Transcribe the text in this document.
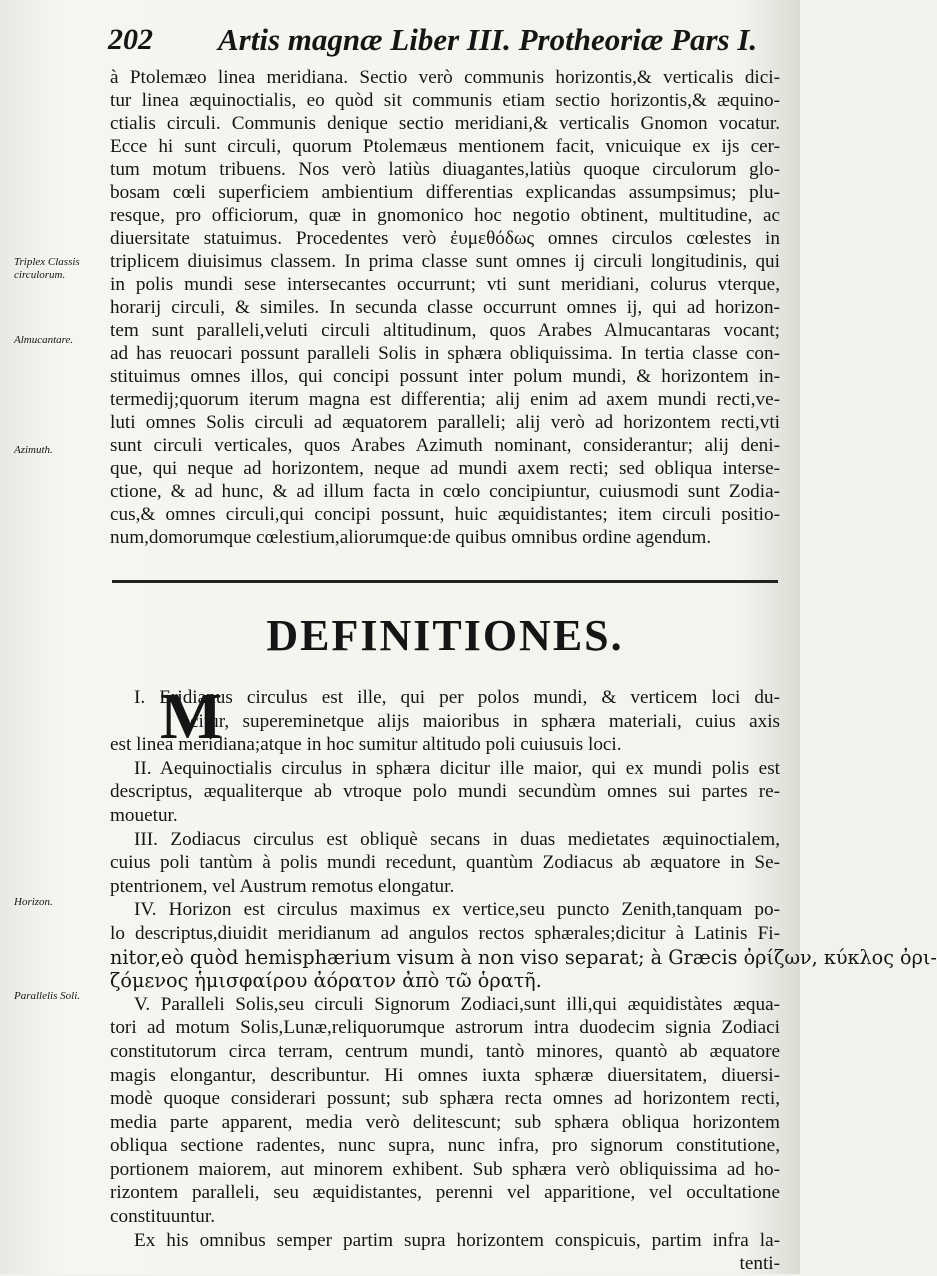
202 Artis magnæ Liber III. Protheoriæ Pars I.
Triplex Classis circulorum.
Almucantare.
Azimuth.
Horizon.
Parallelis Soli.
à Ptolemæo linea meridiana. Sectio verò communis horizontis,& verticalis dici-
tur linea æquinoctialis, eo quòd sit communis etiam sectio horizontis,& æquino-
ctialis circuli. Communis denique sectio meridiani,& verticalis Gnomon vocatur.
Ecce hi sunt circuli, quorum Ptolemæus mentionem facit, vnicuique ex ijs cer-
tum motum tribuens. Nos verò latiùs diuagantes,latiùs quoque circulorum glo-
bosam cœli superficiem ambientium differentias explicandas assumpsimus; plu-
resque, pro officiorum, quæ in gnomonico hoc negotio obtinent, multitudine, ac
diuersitate statuimus. Procedentes verò ἐυμεθόδως omnes circulos cœlestes in
triplicem diuisimus classem. In prima classe sunt omnes ij circuli longitudinis, qui
in polis mundi sese intersecantes occurrunt; vti sunt meridiani, colurus vterque,
horarij circuli, & similes. In secunda classe occurrunt omnes ij, qui ad horizon-
tem sunt paralleli,veluti circuli altitudinum, quos Arabes Almucantaras vocant;
ad has reuocari possunt paralleli Solis in sphæra obliquissima. In tertia classe con-
stituimus omnes illos, qui concipi possunt inter polum mundi, & horizontem in-
termedij;quorum iterum magna est differentia; alij enim ad axem mundi recti,ve-
luti omnes Solis circuli ad æquatorem paralleli; alij verò ad horizontem recti,vti
sunt circuli verticales, quos Arabes Azimuth nominant, considerantur; alij deni-
que, qui neque ad horizontem, neque ad mundi axem recti; sed obliqua interse-
ctione, & ad hunc, & ad illum facta in cœlo concipiuntur, cuiusmodi sunt Zodia-
cus,& omnes circuli,qui concipi possunt, huic æquidistantes; item circuli positio-
num,domorumque cœlestium,aliorumque:de quibus omnibus ordine agendum.
DEFINITIONES.
M
I. Eridianus circulus est ille, qui per polos mundi, & verticem loci du-
citur, supereminetque alijs maioribus in sphæra materiali, cuius axis
est linea meridiana;atque in hoc sumitur altitudo poli cuiusuis loci.
II. Aequinoctialis circulus in sphæra dicitur ille maior, qui ex mundi polis est
descriptus, æqualiterque ab vtroque polo mundi secundùm omnes sui partes re-
mouetur.
III. Zodiacus circulus est obliquè secans in duas medietates æquinoctialem,
cuius poli tantùm à polis mundi recedunt, quantùm Zodiacus ab æquatore in Se-
ptentrionem, vel Austrum remotus elongatur.
IV. Horizon est circulus maximus ex vertice,seu puncto Zenith,tanquam po-
lo descriptus,diuidit meridianum ad angulos rectos sphærales;dicitur à Latinis Fi-
nitor,eò quòd hemisphærium visum à non viso separat; à Græcis ὀρίζων, κύκλος ὀρι-
ζόμενος ἡμισφαίρου ἀόρατον ἀπὸ τῶ ὁρατῆ.
V. Paralleli Solis,seu circuli Signorum Zodiaci,sunt illi,qui æquidistàtes æqua-
tori ad motum Solis,Lunæ,reliquorumque astrorum intra duodecim signia Zodiaci
constitutorum circa terram, centrum mundi, tantò minores, quantò ab æquatore
magis elongantur, describuntur. Hi omnes iuxta sphæræ diuersitatem, diuersi-
modè quoque considerari possunt; sub sphæra recta omnes ad horizontem recti,
media parte apparent, media verò delitescunt; sub sphæra obliqua horizontem
obliqua sectione radentes, nunc supra, nunc infra, pro signorum constitutione,
portionem maiorem, aut minorem exhibent. Sub sphæra verò obliquissima ad ho-
rizontem paralleli, seu æquidistantes, perenni vel apparitione, vel occultatione
constituuntur.
Ex his omnibus semper partim supra horizontem conspicuis, partim infra la-
tenti-
